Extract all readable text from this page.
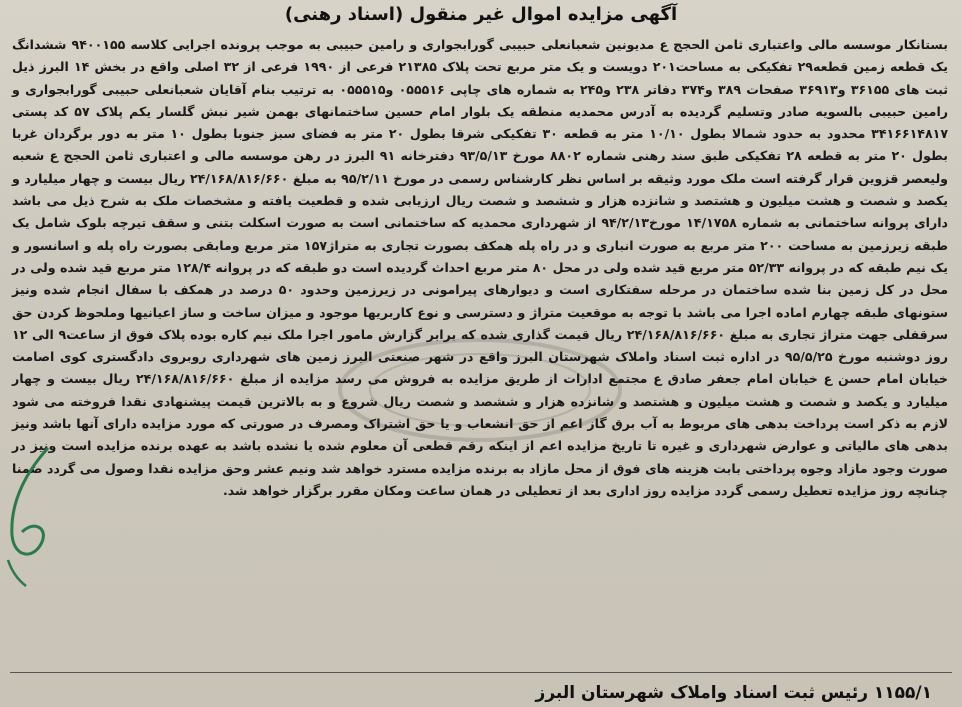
آگهی مزایده اموال غیر منقول (اسناد رهنی)
بستانکار موسسه مالی واعتباری ثامن الحجج ع مدیونین شعبانعلی حبیبی گورابجواری و رامین حبیبی به موجب پرونده اجرایی کلاسه ۹۴۰۰۱۵۵ ششدانگ یک قطعه زمین قطعه۲۹ تفکیکی به مساحت۲۰۱ دویست و یک متر مربع تحت پلاک ۲۱۳۸۵ فرعی از ۱۹۹۰ فرعی از ۳۲ اصلی واقع در بخش ۱۴ البرز ذیل ثبت های ۳۶۱۵۵ و۳۶۹۱۳ صفحات ۳۸۹ و۳۷۴ دفاتر ۲۳۸ و۲۴۵ به شماره های چاپی ۰۵۵۵۱۶ و۰۵۵۵۱۵ به ترتیب بنام آقایان شعبانعلی حبیبی گورابجواری و رامین حبیبی بالسویه صادر وتسلیم گردیده به آدرس محمدیه منطقه یک بلوار امام حسین ساختمانهای بهمن شیر نبش گلسار یکم پلاک ۵۷ کد پستی ۳۴۱۶۶۱۴۸۱۷ محدود به حدود شمالا بطول ۱۰/۱۰ متر به قطعه ۳۰ تفکیکی شرقا بطول ۲۰ متر به فضای سبز جنوبا بطول ۱۰ متر به دور برگردان غربا بطول ۲۰ متر به قطعه ۲۸ تفکیکی طبق سند رهنی شماره ۸۸۰۲ مورخ ۹۳/۵/۱۳ دفترخانه ۹۱ البرز در رهن موسسه مالی و اعتباری ثامن الحجج ع شعبه ولیعصر قزوین قرار گرفته است ملک مورد وثیقه بر اساس نظر کارشناس رسمی در مورخ ۹۵/۲/۱۱ به مبلغ ۲۴/۱۶۸/۸۱۶/۶۶۰ ریال بیست و چهار میلیارد و یکصد و شصت و هشت میلیون و هشتصد و شانزده هزار و ششصد و شصت ریال ارزیابی شده و قطعیت یافته و مشخصات ملک به شرح ذیل می باشد دارای پروانه ساختمانی به شماره ۱۴/۱۷۵۸ مورخ۹۴/۲/۱۳ از شهرداری محمدیه که ساختمانی است به صورت اسکلت بتنی و سقف تیرچه بلوک شامل یک طبقه زیرزمین به مساحت ۲۰۰ متر مربع به صورت انباری و در راه پله همکف بصورت تجاری به متراژ۱۵۷ متر مربع ومابقی بصورت راه پله و اسانسور و یک نیم طبقه که در پروانه ۵۲/۳۳ متر مربع قید شده ولی در محل ۸۰ متر مربع احداث گردیده است دو طبقه که در پروانه ۱۲۸/۴ متر مربع قید شده ولی در محل در کل زمین بنا شده ساختمان در مرحله سفتکاری است و دیوارهای پیرامونی در زیرزمین وحدود ۵۰ درصد در همکف با سفال انجام شده ونیز ستونهای طبقه چهارم اماده اجرا می باشد با توجه به موقعیت متراژ و دسترسی و نوع کاربریها موجود و میزان ساخت و ساز اعیانیها وملحوظ کردن حق سرقفلی جهت متراژ تجاری به مبلغ ۲۴/۱۶۸/۸۱۶/۶۶۰ ریال قیمت گذاری شده که برابر گزارش مامور اجرا ملک نیم کاره بوده پلاک فوق از ساعت۹ الی ۱۲ روز دوشنبه مورخ ۹۵/۵/۲۵ در اداره ثبت اسناد واملاک شهرستان البرز واقع در شهر صنعتی البرز زمین های شهرداری روبروی دادگستری کوی اصامت خیابان امام حسن ع خیابان امام جعفر صادق ع مجتمع ادارات از طریق مزایده به فروش می رسد مزایده از مبلغ ۲۴/۱۶۸/۸۱۶/۶۶۰ ریال بیست و چهار میلیارد و یکصد و شصت و هشت میلیون و هشتصد و شانزده هزار و ششصد و شصت ریال شروع و به بالاترین قیمت پیشنهادی نقدا فروخته می شود لازم به ذکر است پرداخت بدهی های مربوط به آب برق گاز اعم از حق انشعاب و یا حق اشتراک ومصرف در صورتی که مورد مزایده دارای آنها باشد ونیز بدهی های مالیاتی و عوارض شهرداری و غیره تا تاریخ مزایده اعم از اینکه رقم قطعی آن معلوم شده یا نشده باشد به عهده برنده مزایده است ونیز در صورت وجود مازاد وجوه پرداختی بابت هزینه های فوق از محل مازاد به برنده مزایده مسترد خواهد شد ونیم عشر وحق مزایده نقدا وصول می گردد ضمنا چنانچه روز مزایده تعطیل رسمی گردد مزایده روز اداری بعد از تعطیلی در همان ساعت ومکان مقرر برگزار خواهد شد.
۱۱۵۵/۱ رئیس ثبت اسناد واملاک شهرستان البرز
